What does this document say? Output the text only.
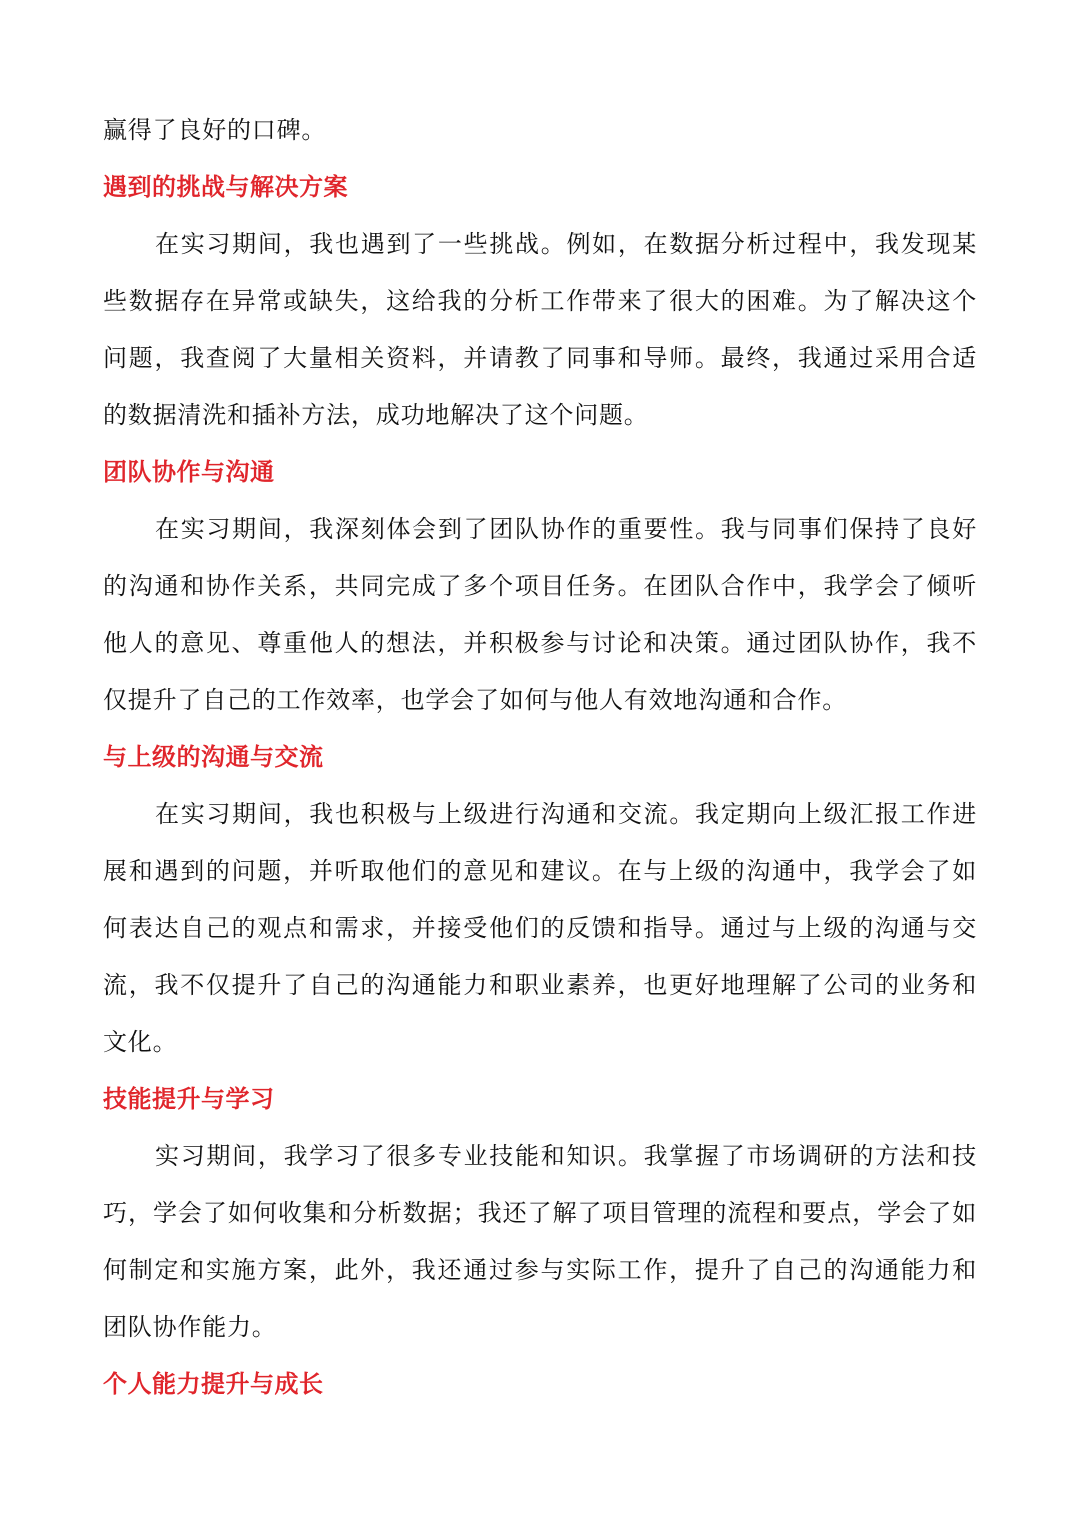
赢得了良好的口碑。

遇到的挑战与解决方案

在实习期间，我也遇到了一些挑战。例如，在数据分析过程中，我发现某

些数据存在异常或缺失，这给我的分析工作带来了很大的困难。为了解决这个

问题，我查阅了大量相关资料，并请教了同事和导师。最终，我通过采用合适

的数据清洗和插补方法，成功地解决了这个问题。

团队协作与沟通

在实习期间，我深刻体会到了团队协作的重要性。我与同事们保持了良好

的沟通和协作关系，共同完成了多个项目任务。在团队合作中，我学会了倾听

他人的意见、尊重他人的想法，并积极参与讨论和决策。通过团队协作，我不

仅提升了自己的工作效率，也学会了如何与他人有效地沟通和合作。

与上级的沟通与交流

在实习期间，我也积极与上级进行沟通和交流。我定期向上级汇报工作进

展和遇到的问题，并听取他们的意见和建议。在与上级的沟通中，我学会了如

何表达自己的观点和需求，并接受他们的反馈和指导。通过与上级的沟通与交

流，我不仅提升了自己的沟通能力和职业素养，也更好地理解了公司的业务和

文化。

技能提升与学习

实习期间，我学习了很多专业技能和知识。我掌握了市场调研的方法和技

巧，学会了如何收集和分析数据；我还了解了项目管理的流程和要点，学会了如

何制定和实施方案，此外，我还通过参与实际工作，提升了自己的沟通能力和

团队协作能力。

个人能力提升与成长
